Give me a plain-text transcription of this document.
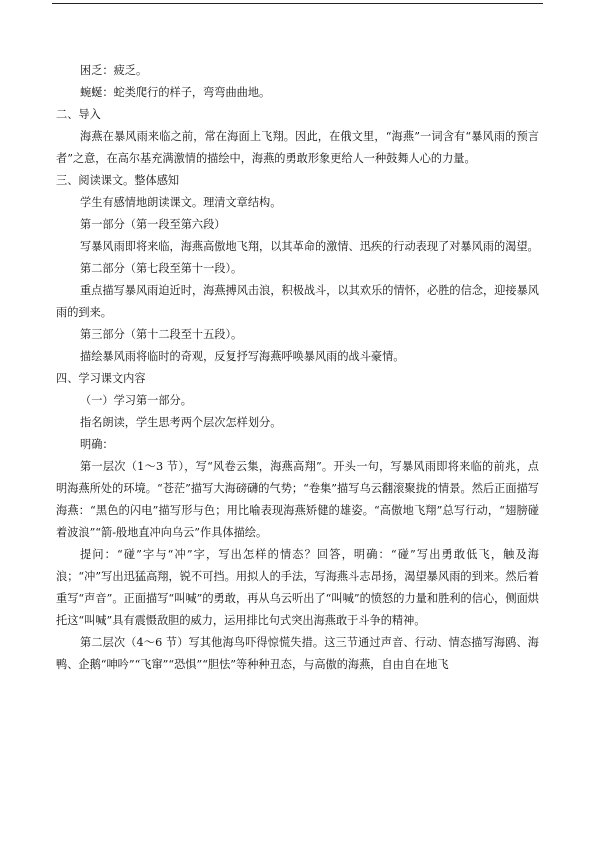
困乏：疲乏。

蜿蜒：蛇类爬行的样子，弯弯曲曲地。

二、导入

海燕在暴风雨来临之前，常在海面上飞翔。因此，在俄文里，“海燕”一词含有“暴风雨的预言者”之意，在高尔基充满激情的描绘中，海燕的勇敢形象更给人一种鼓舞人心的力量。

三、阅读课文。整体感知

学生有感情地朗读课文。理清文章结构。

第一部分（第一段至第六段）

写暴风雨即将来临，海燕高傲地飞翔，以其革命的激情、迅疾的行动表现了对暴风雨的渴望。

第二部分（第七段至第十一段）。

重点描写暴风雨迫近时，海燕搏风击浪，积极战斗，以其欢乐的情怀，必胜的信念，迎接暴风雨的到来。

第三部分（第十二段至十五段）。

描绘暴风雨将临时的奇观，反复抒写海燕呼唤暴风雨的战斗豪情。

四、学习课文内容

（一）学习第一部分。

指名朗读，学生思考两个层次怎样划分。

明确：

第一层次（1～3 节），写“风卷云集，海燕高翔”。开头一句，写暴风雨即将来临的前兆，点明海燕所处的环境。“苍茫”描写大海磅礴的气势；“卷集”描写乌云翻滚聚拢的情景。然后正面描写海燕：“黑色的闪电”描写形与色；用比喻表现海燕矫健的雄姿。“高傲地飞翔”总写行动，“翅膀碰着波浪”“箭-般地直冲向乌云”作具体描绘。

提问：“碰”字与“冲”字，写出怎样的情态？回答，明确：“碰”写出勇敢低飞，触及海浪；“冲”写出迅猛高翔，锐不可挡。用拟人的手法，写海燕斗志昂扬，渴望暴风雨的到来。然后着重写“声音”。正面描写“叫喊”的勇敢，再从乌云听出了“叫喊”的愤怒的力量和胜利的信心，侧面烘托这“叫喊”具有震慑敌胆的威力，运用排比句式突出海燕敢于斗争的精神。

第二层次（4～6 节）写其他海鸟吓得惊慌失措。这三节通过声音、行动、情态描写海鸥、海鸭、企鹅“呻吟”“飞窜”“恐惧”“胆怯”等种种丑态，与高傲的海燕，自由自在地飞
